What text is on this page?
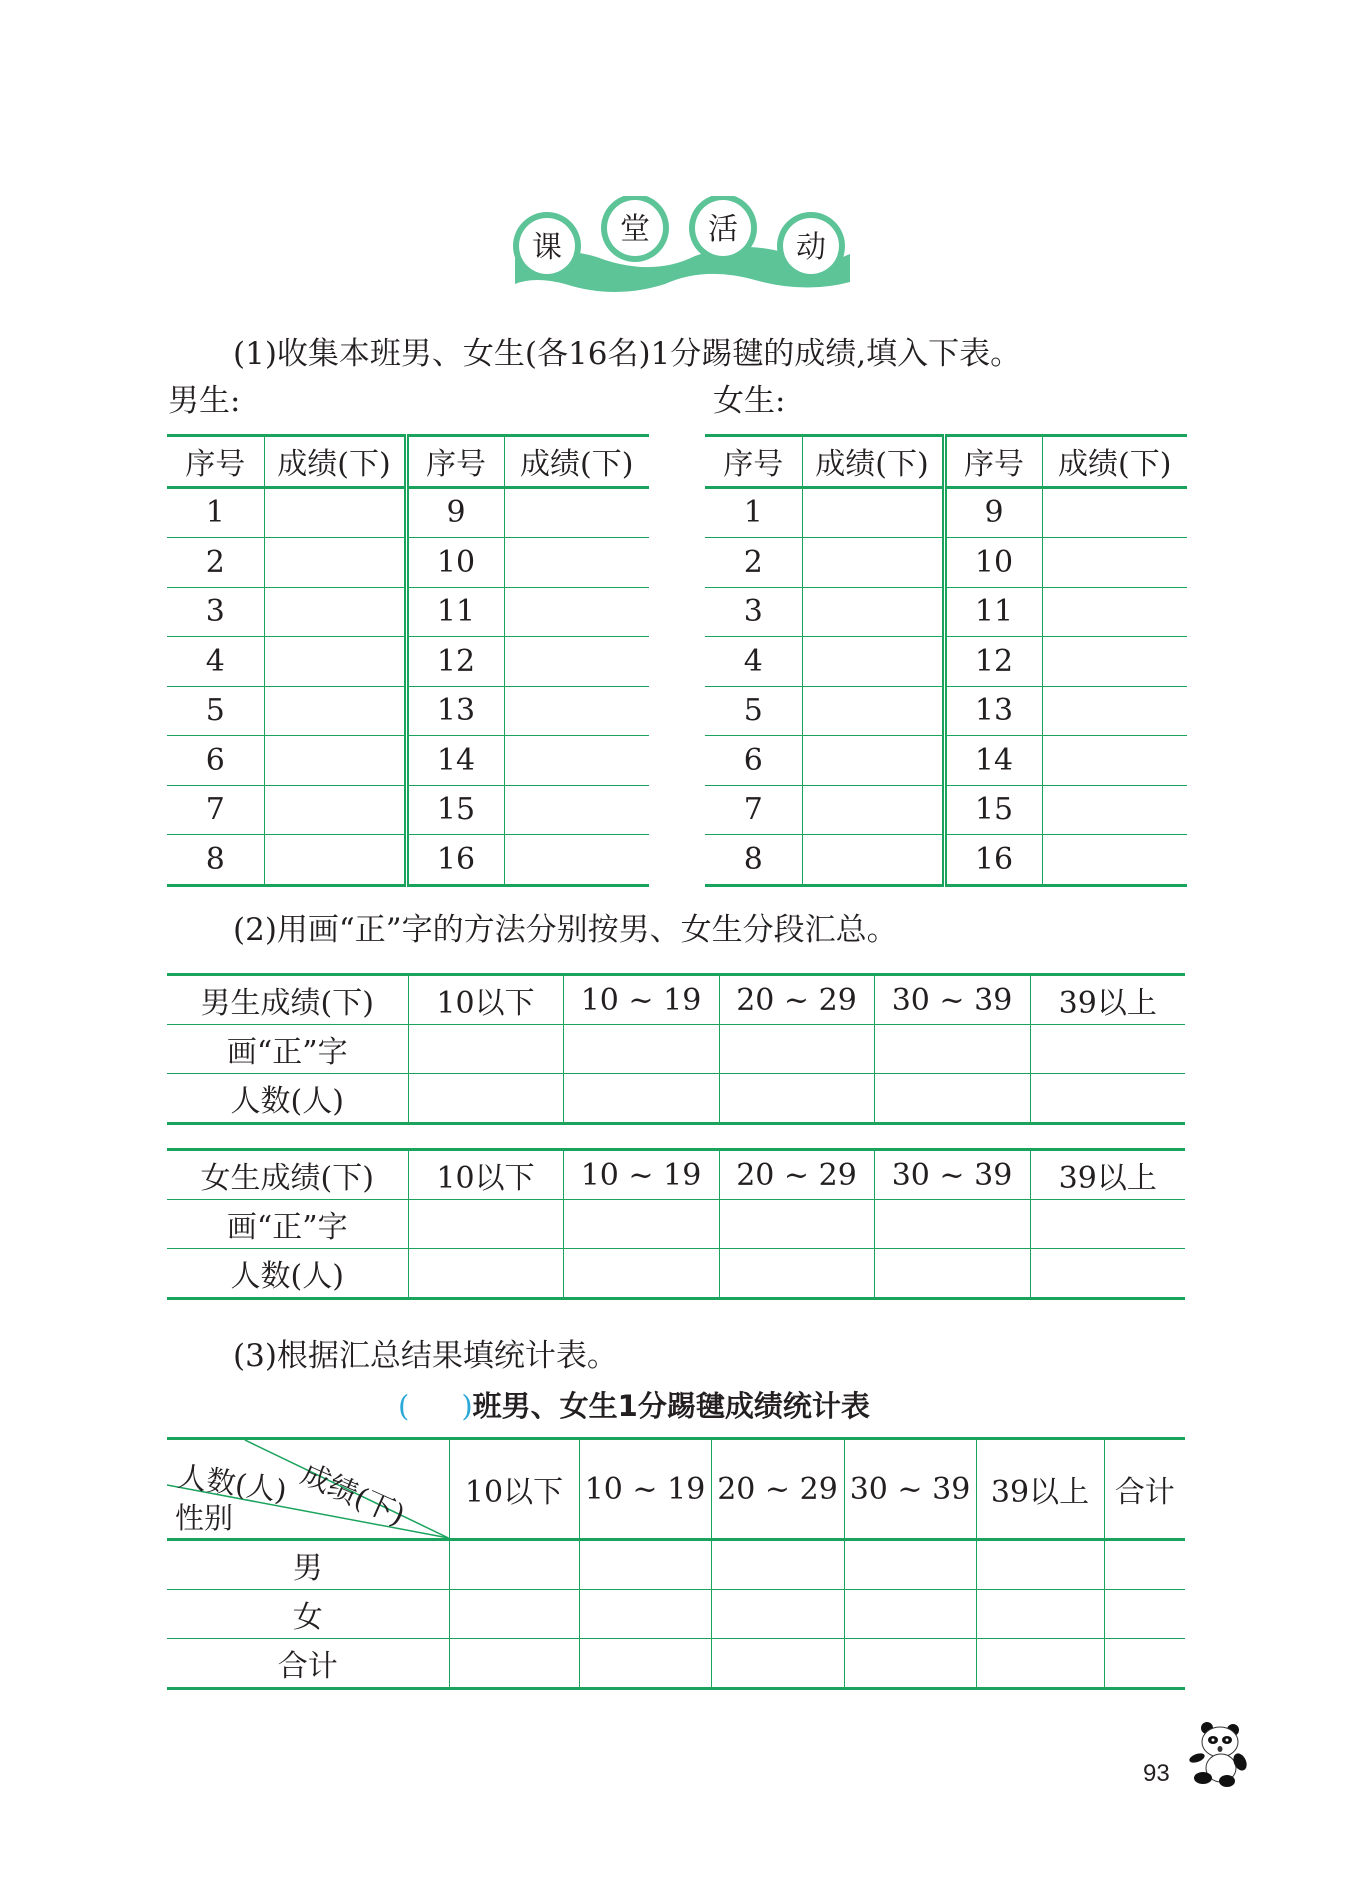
课
堂 活
动
(1)收集本班男、女生(各16名)1分踢毽的成绩,填入下表。
男生:	女生:
序号	成绩(下)	序号	成绩(下)
1		9	
2		10	
3		11	
4		12	
5		13	
6		14	
7		15	
8		16	
序号	成绩(下)	序号	成绩(下)
1		9	
2		10	
3		11	
4		12	
5		13	
6		14	
7		15	
8		16	
(2)用画“正”字的方法分别按男、女生分段汇总。
男生成绩(下)	10以下	10 ~ 19	20 ~ 29	30 ~ 39	39以上
画“正”字					
人数(人)					
女生成绩(下)	10以下	10 ~ 19	20 ~ 29	30 ~ 39	39以上
画“正”字					
人数(人)					
(3)根据汇总结果填统计表。
( )班男、女生1分踢毽成绩统计表
成绩(下)
人数(人)
性别	10以下	10 ~ 19	20 ~ 29	30 ~ 39	39以上	合计
男						
女						
合计						
93
